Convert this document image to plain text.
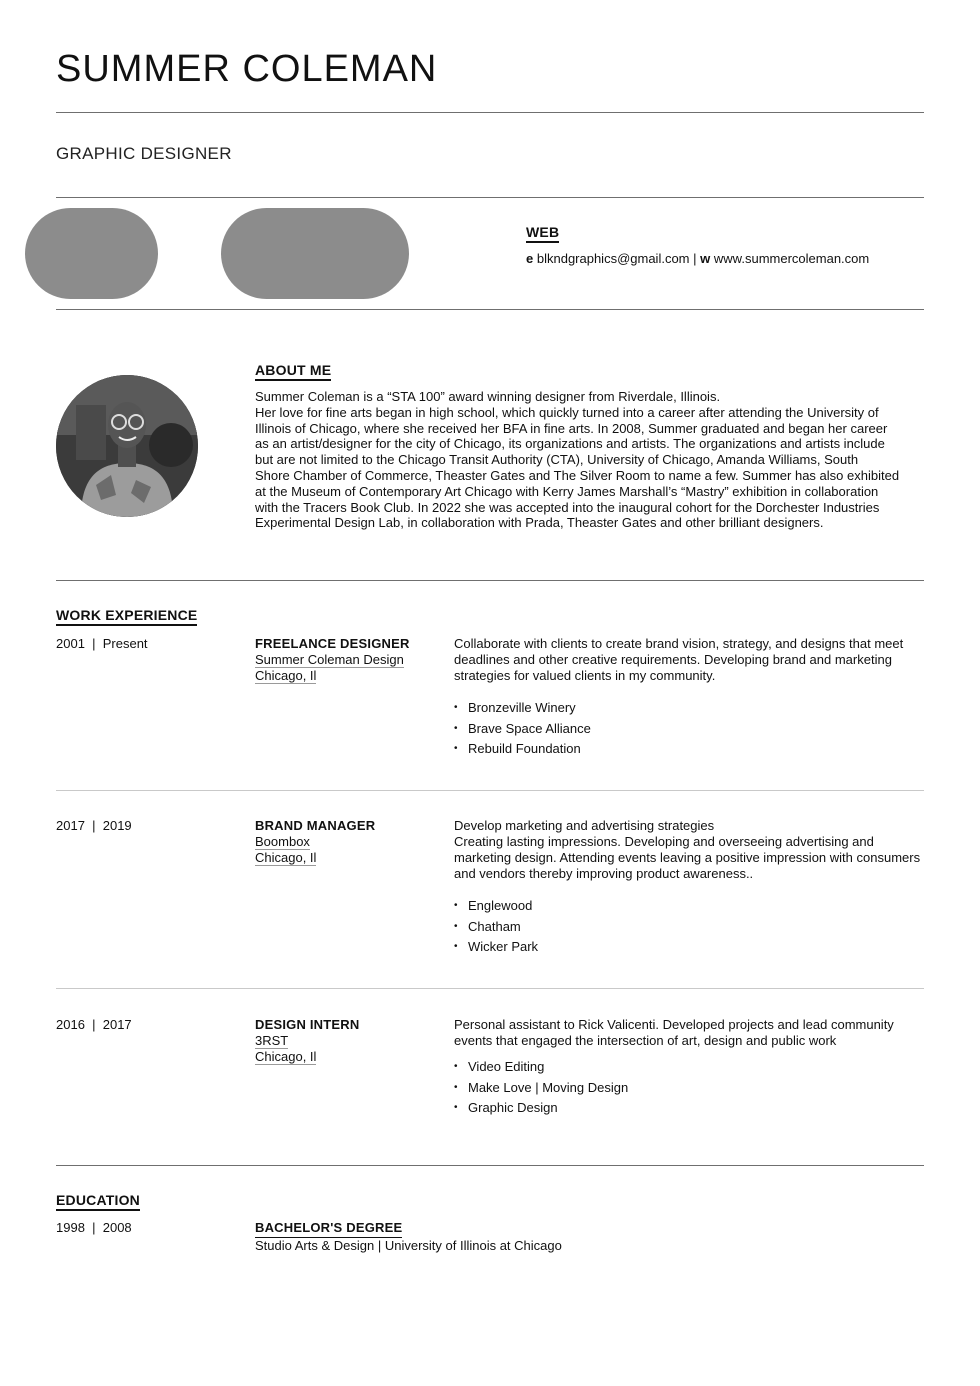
SUMMER COLEMAN
GRAPHIC DESIGNER
WEB
e blkndgraphics@gmail.com | w www.summercoleman.com
ABOUT ME
Summer Coleman is a “STA 100” award winning designer from Riverdale, Illinois.
Her love for fine arts began in high school, which quickly turned into a career after attending the University of
Illinois of Chicago, where she received her BFA in fine arts. In 2008, Summer graduated and began her career
as an artist/designer for the city of Chicago, its organizations and artists. The organizations and artists include
but are not limited to the Chicago Transit Authority (CTA), University of Chicago, Amanda Williams, South
Shore Chamber of Commerce, Theaster Gates and The Silver Room to name a few. Summer has also exhibited
at the Museum of Contemporary Art Chicago with Kerry James Marshall’s “Mastry” exhibition in collaboration
with the Tracers Book Club. In 2022 she was accepted into the inaugural cohort for the Dorchester Industries
Experimental Design Lab, in collaboration with Prada, Theaster Gates and other brilliant designers.
WORK EXPERIENCE
2001  |  Present	FREELANCE DESIGNER
Summer Coleman Design
Chicago, Il
Collaborate with clients to create brand vision, strategy, and designs that meet
deadlines and other creative requirements. Developing brand and marketing
strategies for valued clients in my community.
• Bronzeville Winery
• Brave Space Alliance
• Rebuild Foundation
2017  |  2019	BRAND MANAGER
Boombox
Chicago, Il
Develop marketing and advertising strategies
Creating lasting impressions. Developing and overseeing advertising and
marketing design. Attending events leaving a positive impression with consumers
and vendors thereby improving product awareness..
• Englewood
• Chatham
• Wicker Park
2016  |  2017	DESIGN INTERN
3RST
Chicago, Il
Personal assistant to Rick Valicenti. Developed projects and lead community
events that engaged the intersection of art, design and public work
• Video Editing
• Make Love | Moving Design
• Graphic Design
EDUCATION
1998  |  2008	BACHELOR'S DEGREE
Studio Arts & Design | University of Illinois at Chicago
